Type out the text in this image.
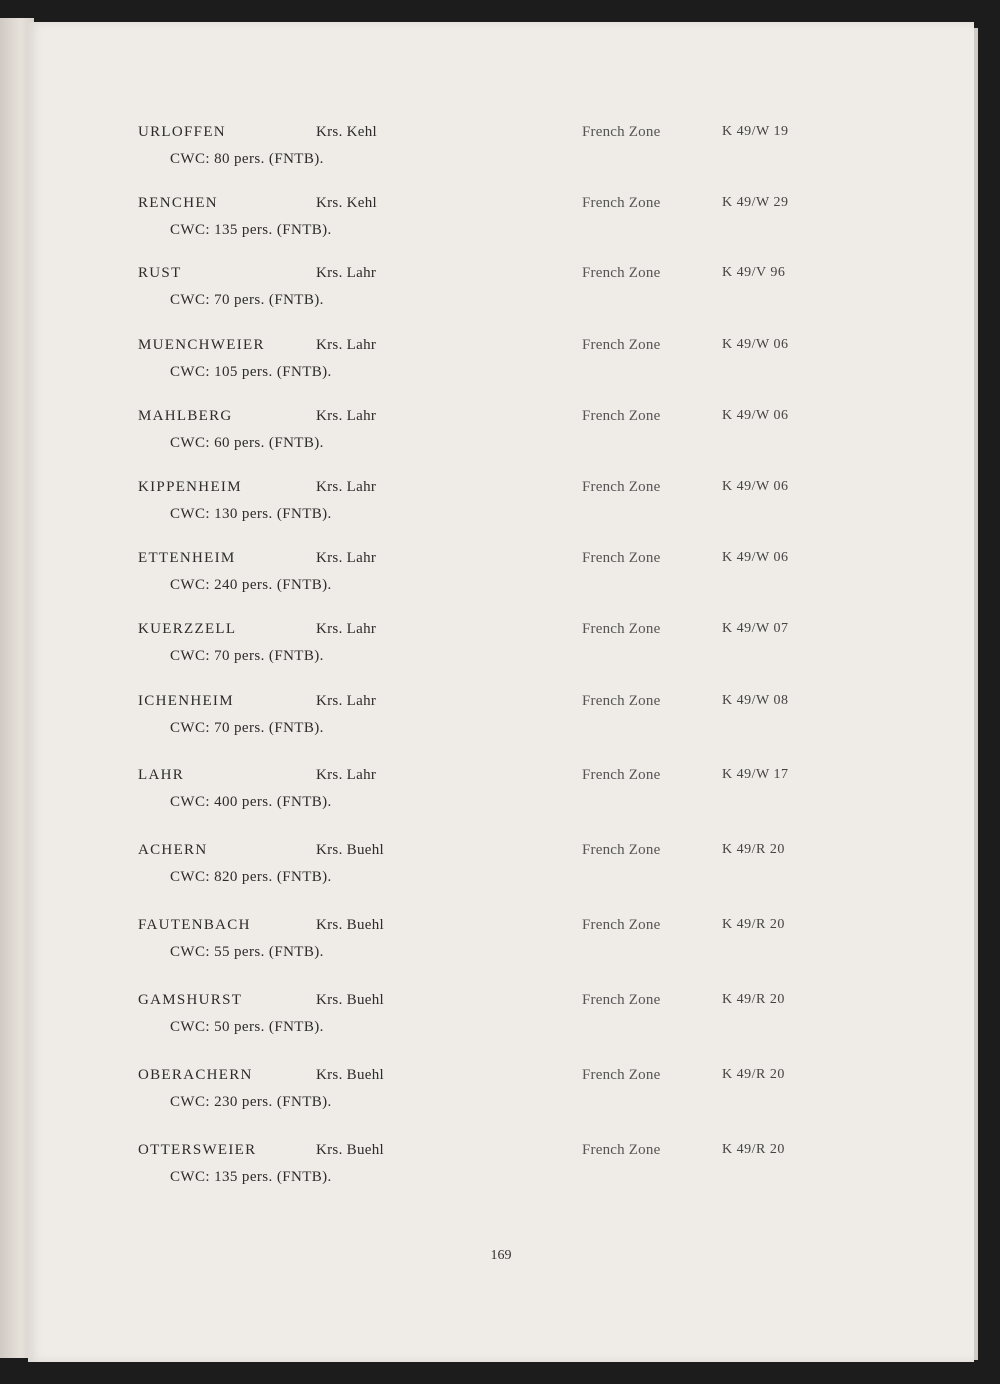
URLOFFEN	Krs. Kehl	French Zone	K 49/W 19
CWC: 80 pers. (FNTB).
RENCHEN	Krs. Kehl	French Zone	K 49/W 29
CWC: 135 pers. (FNTB).
RUST	Krs. Lahr	French Zone	K 49/V 96
CWC: 70 pers. (FNTB).
MUENCHWEIER	Krs. Lahr	French Zone	K 49/W 06
CWC: 105 pers. (FNTB).
MAHLBERG	Krs. Lahr	French Zone	K 49/W 06
CWC: 60 pers. (FNTB).
KIPPENHEIM	Krs. Lahr	French Zone	K 49/W 06
CWC: 130 pers. (FNTB).
ETTENHEIM	Krs. Lahr	French Zone	K 49/W 06
CWC: 240 pers. (FNTB).
KUERZZELL	Krs. Lahr	French Zone	K 49/W 07
CWC: 70 pers. (FNTB).
ICHENHEIM	Krs. Lahr	French Zone	K 49/W 08
CWC: 70 pers. (FNTB).
LAHR	Krs. Lahr	French Zone	K 49/W 17
CWC: 400 pers. (FNTB).
ACHERN	Krs. Buehl	French Zone	K 49/R 20
CWC: 820 pers. (FNTB).
FAUTENBACH	Krs. Buehl	French Zone	K 49/R 20
CWC: 55 pers. (FNTB).
GAMSHURST	Krs. Buehl	French Zone	K 49/R 20
CWC: 50 pers. (FNTB).
OBERACHERN	Krs. Buehl	French Zone	K 49/R 20
CWC: 230 pers. (FNTB).
OTTERSWEIER	Krs. Buehl	French Zone	K 49/R 20
CWC: 135 pers. (FNTB).
169
